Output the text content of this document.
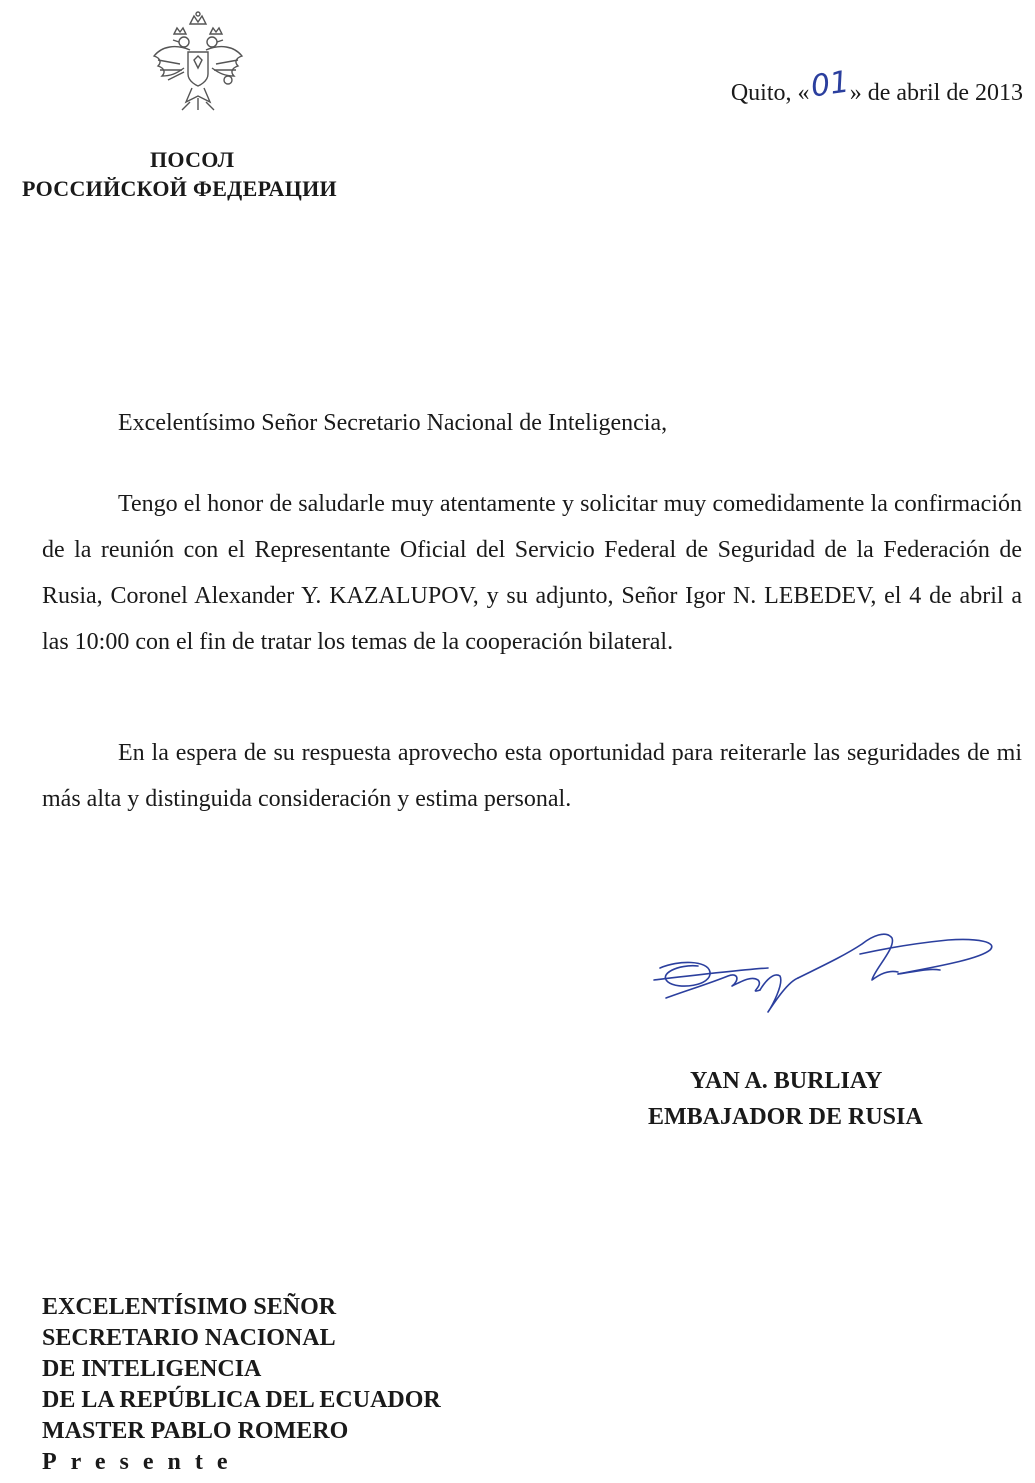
ПОСОЛ
РОССИЙСКОЙ ФЕДЕРАЦИИ
Quito, «01» de abril de 2013
Excelentísimo Señor Secretario Nacional de Inteligencia,
Tengo el honor de saludarle muy atentamente y solicitar muy comedidamente la confirmación de la reunión con el Representante Oficial del Servicio Federal de Seguridad de la Federación de Rusia, Coronel Alexander Y. KAZALUPOV, y su adjunto, Señor Igor N. LEBEDEV, el 4 de abril a las 10:00 con el fin de tratar los temas de la cooperación bilateral.
En la espera de su respuesta aprovecho esta oportunidad para reiterarle las seguridades de mi más alta y distinguida consideración y estima personal.
YAN A. BURLIAY
EMBAJADOR DE RUSIA
EXCELENTÍSIMO SEÑOR
SECRETARIO NACIONAL
DE INTELIGENCIA
DE LA REPÚBLICA DEL ECUADOR
MASTER PABLO ROMERO
Presente
